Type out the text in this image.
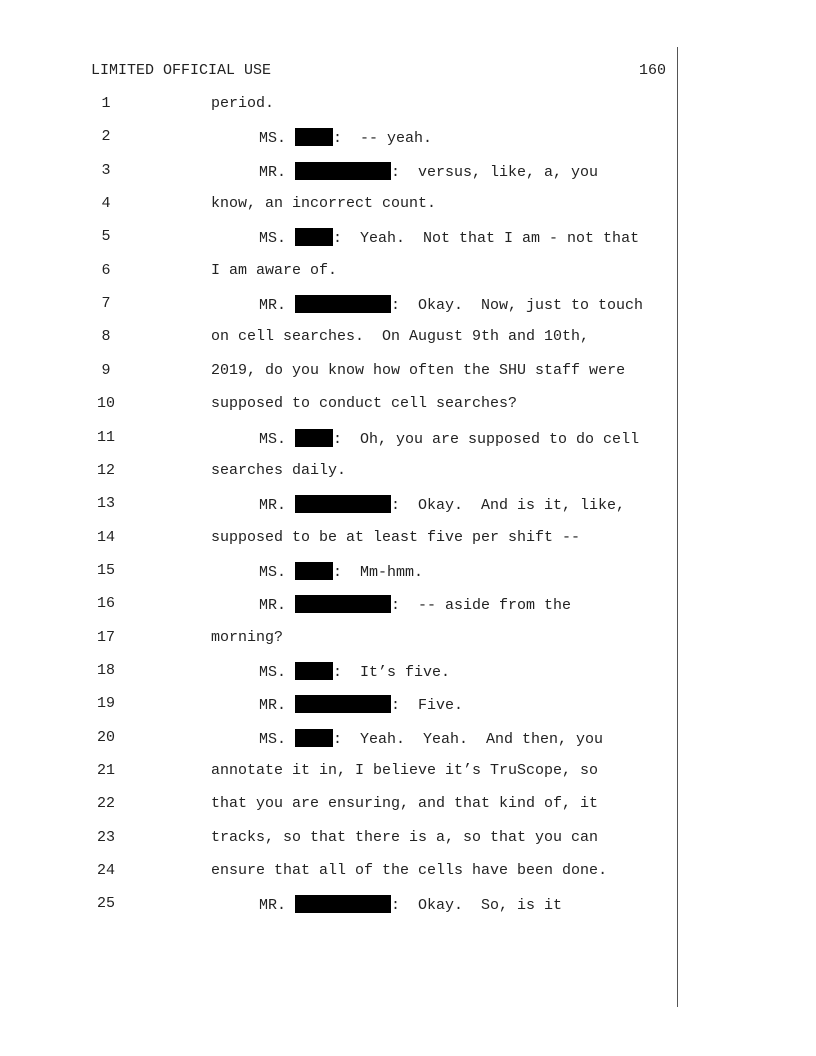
LIMITED OFFICIAL USE	160
1	period.
2	MS.	:  -- yeah.
3	MR.	:  versus, like, a, you
4	know, an incorrect count.
5	MS.	:  Yeah.  Not that I am - not that
6	I am aware of.
7	MR.	:  Okay.  Now, just to touch
8	on cell searches.  On August 9th and 10th,
9	2019, do you know how often the SHU staff were
10	supposed to conduct cell searches?
11	MS.	:  Oh, you are supposed to do cell
12	searches daily.
13	MR.	:  Okay.  And is it, like,
14	supposed to be at least five per shift --
15	MS.	:  Mm-hmm.
16	MR.	:  -- aside from the
17	morning?
18	MS.	:  It’s five.
19	MR.	:  Five.
20	MS.	:  Yeah.  Yeah.  And then, you
21	annotate it in, I believe it’s TruScope, so
22	that you are ensuring, and that kind of, it
23	tracks, so that there is a, so that you can
24	ensure that all of the cells have been done.
25	MR.	:  Okay.  So, is it
